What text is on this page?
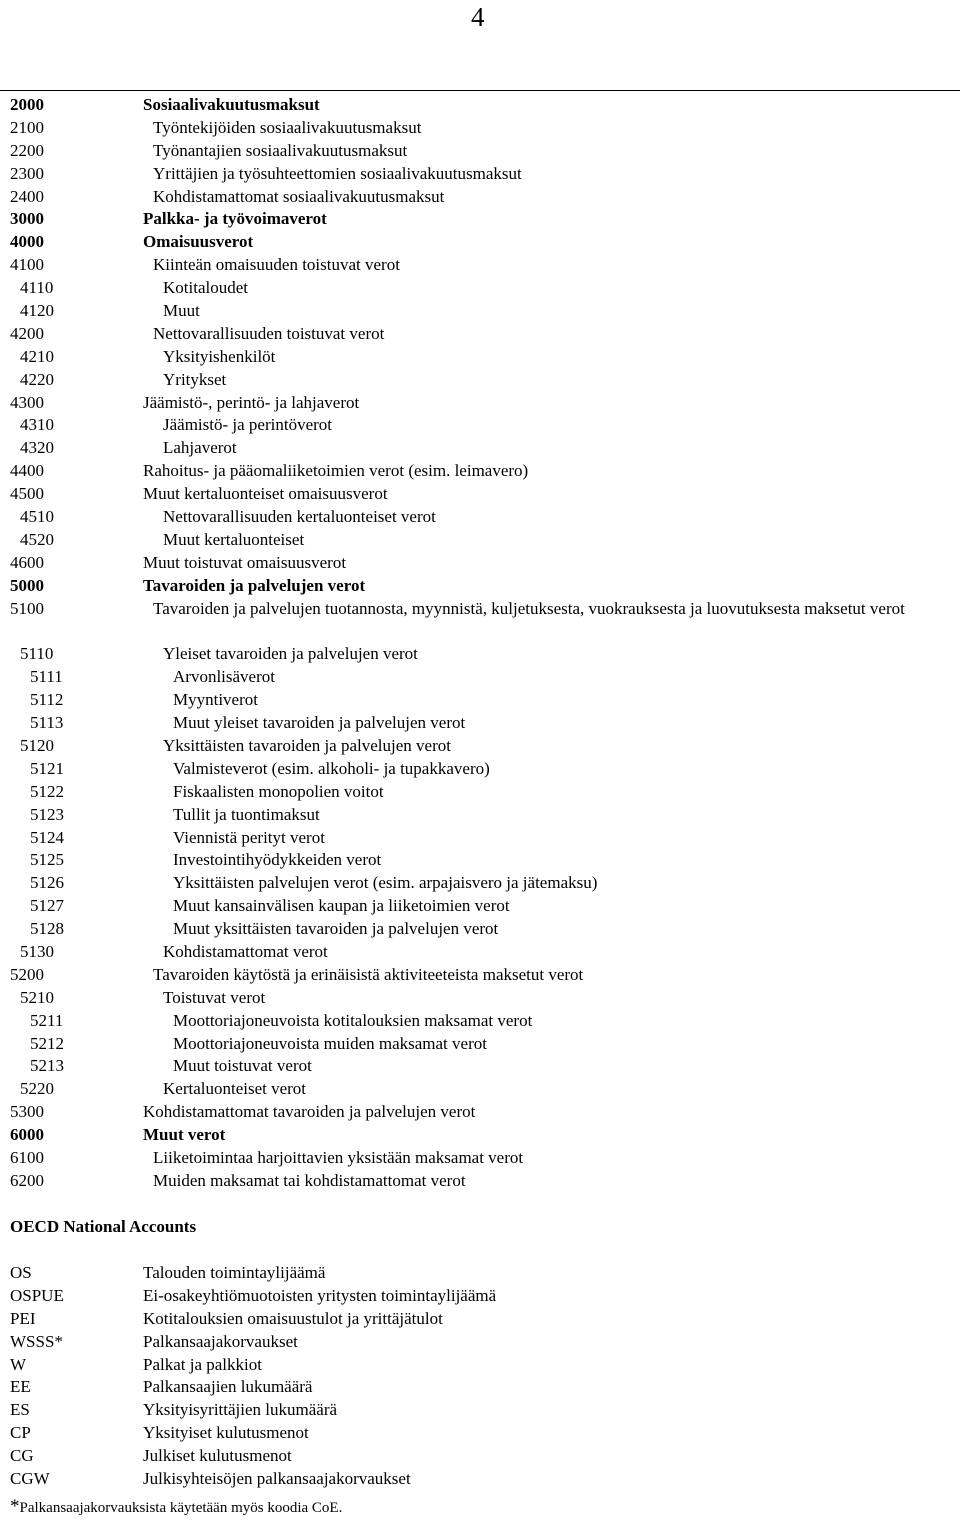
4
2000	Sosiaalivakuutusmaksut
2100	Työntekijöiden sosiaalivakuutusmaksut
2200	Työnantajien sosiaalivakuutusmaksut
2300	Yrittäjien ja työsuhteettomien sosiaalivakuutusmaksut
2400	Kohdistamattomat sosiaalivakuutusmaksut
3000	Palkka- ja työvoimaverot
4000	Omaisuusverot
4100	Kiinteän omaisuuden toistuvat verot
4110	Kotitaloudet
4120	Muut
4200	Nettovarallisuuden toistuvat verot
4210	Yksityishenkilöt
4220	Yritykset
4300	Jäämistö-, perintö- ja lahjaverot
4310	Jäämistö- ja perintöverot
4320	Lahjaverot
4400	Rahoitus- ja pääomaliiketoimien verot (esim. leimavero)
4500	Muut kertaluonteiset omaisuusverot
4510	Nettovarallisuuden kertaluonteiset verot
4520	Muut kertaluonteiset
4600	Muut toistuvat omaisuusverot
5000	Tavaroiden ja palvelujen verot
5100	Tavaroiden ja palvelujen tuotannosta, myynnistä, kuljetuksesta, vuokrauksesta ja luovutuksesta maksetut verot
5110	Yleiset tavaroiden ja palvelujen verot
5111	Arvonlisäverot
5112	Myyntiverot
5113	Muut yleiset tavaroiden ja palvelujen verot
5120	Yksittäisten tavaroiden ja palvelujen verot
5121	Valmisteverot (esim. alkoholi- ja tupakkavero)
5122	Fiskaalisten monopolien voitot
5123	Tullit ja tuontimaksut
5124	Viennistä perityt verot
5125	Investointihyödykkeiden verot
5126	Yksittäisten palvelujen verot (esim. arpajaisvero ja jätemaksu)
5127	Muut kansainvälisen kaupan ja liiketoimien verot
5128	Muut yksittäisten tavaroiden ja palvelujen verot
5130	Kohdistamattomat verot
5200	Tavaroiden käytöstä ja erinäisistä aktiviteeteista maksetut verot
5210	Toistuvat verot
5211	Moottoriajoneuvoista kotitalouksien maksamat verot
5212	Moottoriajoneuvoista muiden maksamat verot
5213	Muut toistuvat verot
5220	Kertaluonteiset verot
5300	Kohdistamattomat tavaroiden ja palvelujen verot
6000	Muut verot
6100	Liiketoimintaa harjoittavien yksistään maksamat verot
6200	Muiden maksamat tai kohdistamattomat verot
OECD National Accounts
OS	Talouden toimintaylijäämä
OSPUE	Ei-osakeyhtiömuotoisten yritysten toimintaylijäämä
PEI	Kotitalouksien omaisuustulot ja yrittäjätulot
WSSS*	Palkansaajakorvaukset
W	Palkat ja palkkiot
EE	Palkansaajien lukumäärä
ES	Yksityisyrittäjien lukumäärä
CP	Yksityiset kulutusmenot
CG	Julkiset kulutusmenot
CGW	Julkisyhteisöjen palkansaajakorvaukset
*Palkansaajakorvauksista käytetään myös koodia CoE.
